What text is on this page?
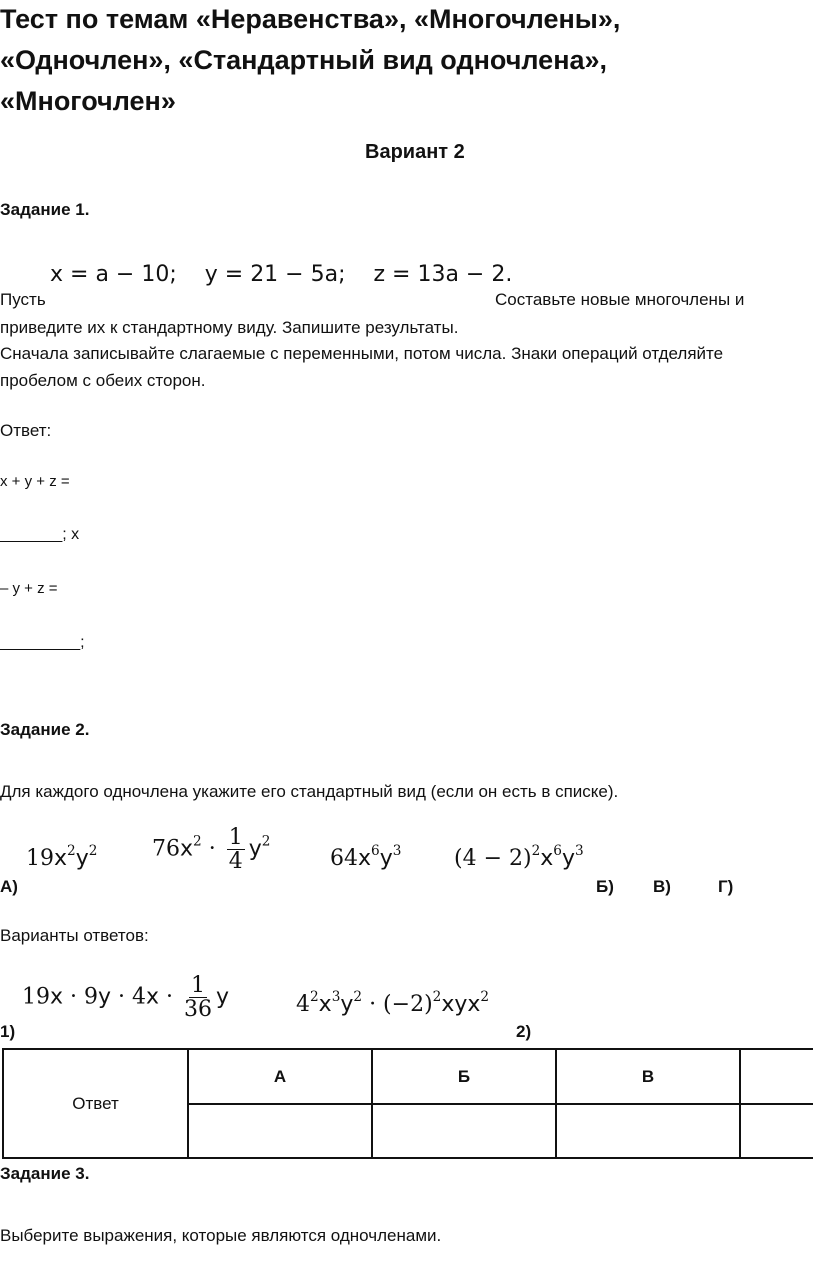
Тест по темам «Неравенства», «Многочлены»,
«Одночлен», «Стандартный вид одночлена»,
«Многочлен»
Вариант 2
Задание 1.
x = a − 10; y = 21 − 5a; z = 13a − 2.
Пусть	Составьте новые многочлены и
приведите их к стандартному виду. Запишите результаты.
Сначала записывайте слагаемые с переменными, потом числа. Знаки операций отделяйте
пробелом с обеих сторон.
Ответ:
x + y + z =
_______; x
– y + z =
_________;
Задание 2.
Для каждого одночлена укажите его стандартный вид (если он есть в списке).
$19x^2y^2$ $76x^2 \cdot \frac{1}{4} y^2$
$64x^6y^3$ $(4 - 2)^2x^6y^3$
А)	Б) В)	Г)
Варианты ответов:
$19x \cdot 9y \cdot 4x \cdot \frac{1}{36}$ y	$4^2x^3y^2 \cdot (-2)^2xyx^2$
1)	2)
Ответ	А	Б	В	

Задание 3.
Выберите выражения, которые являются одночленами.
